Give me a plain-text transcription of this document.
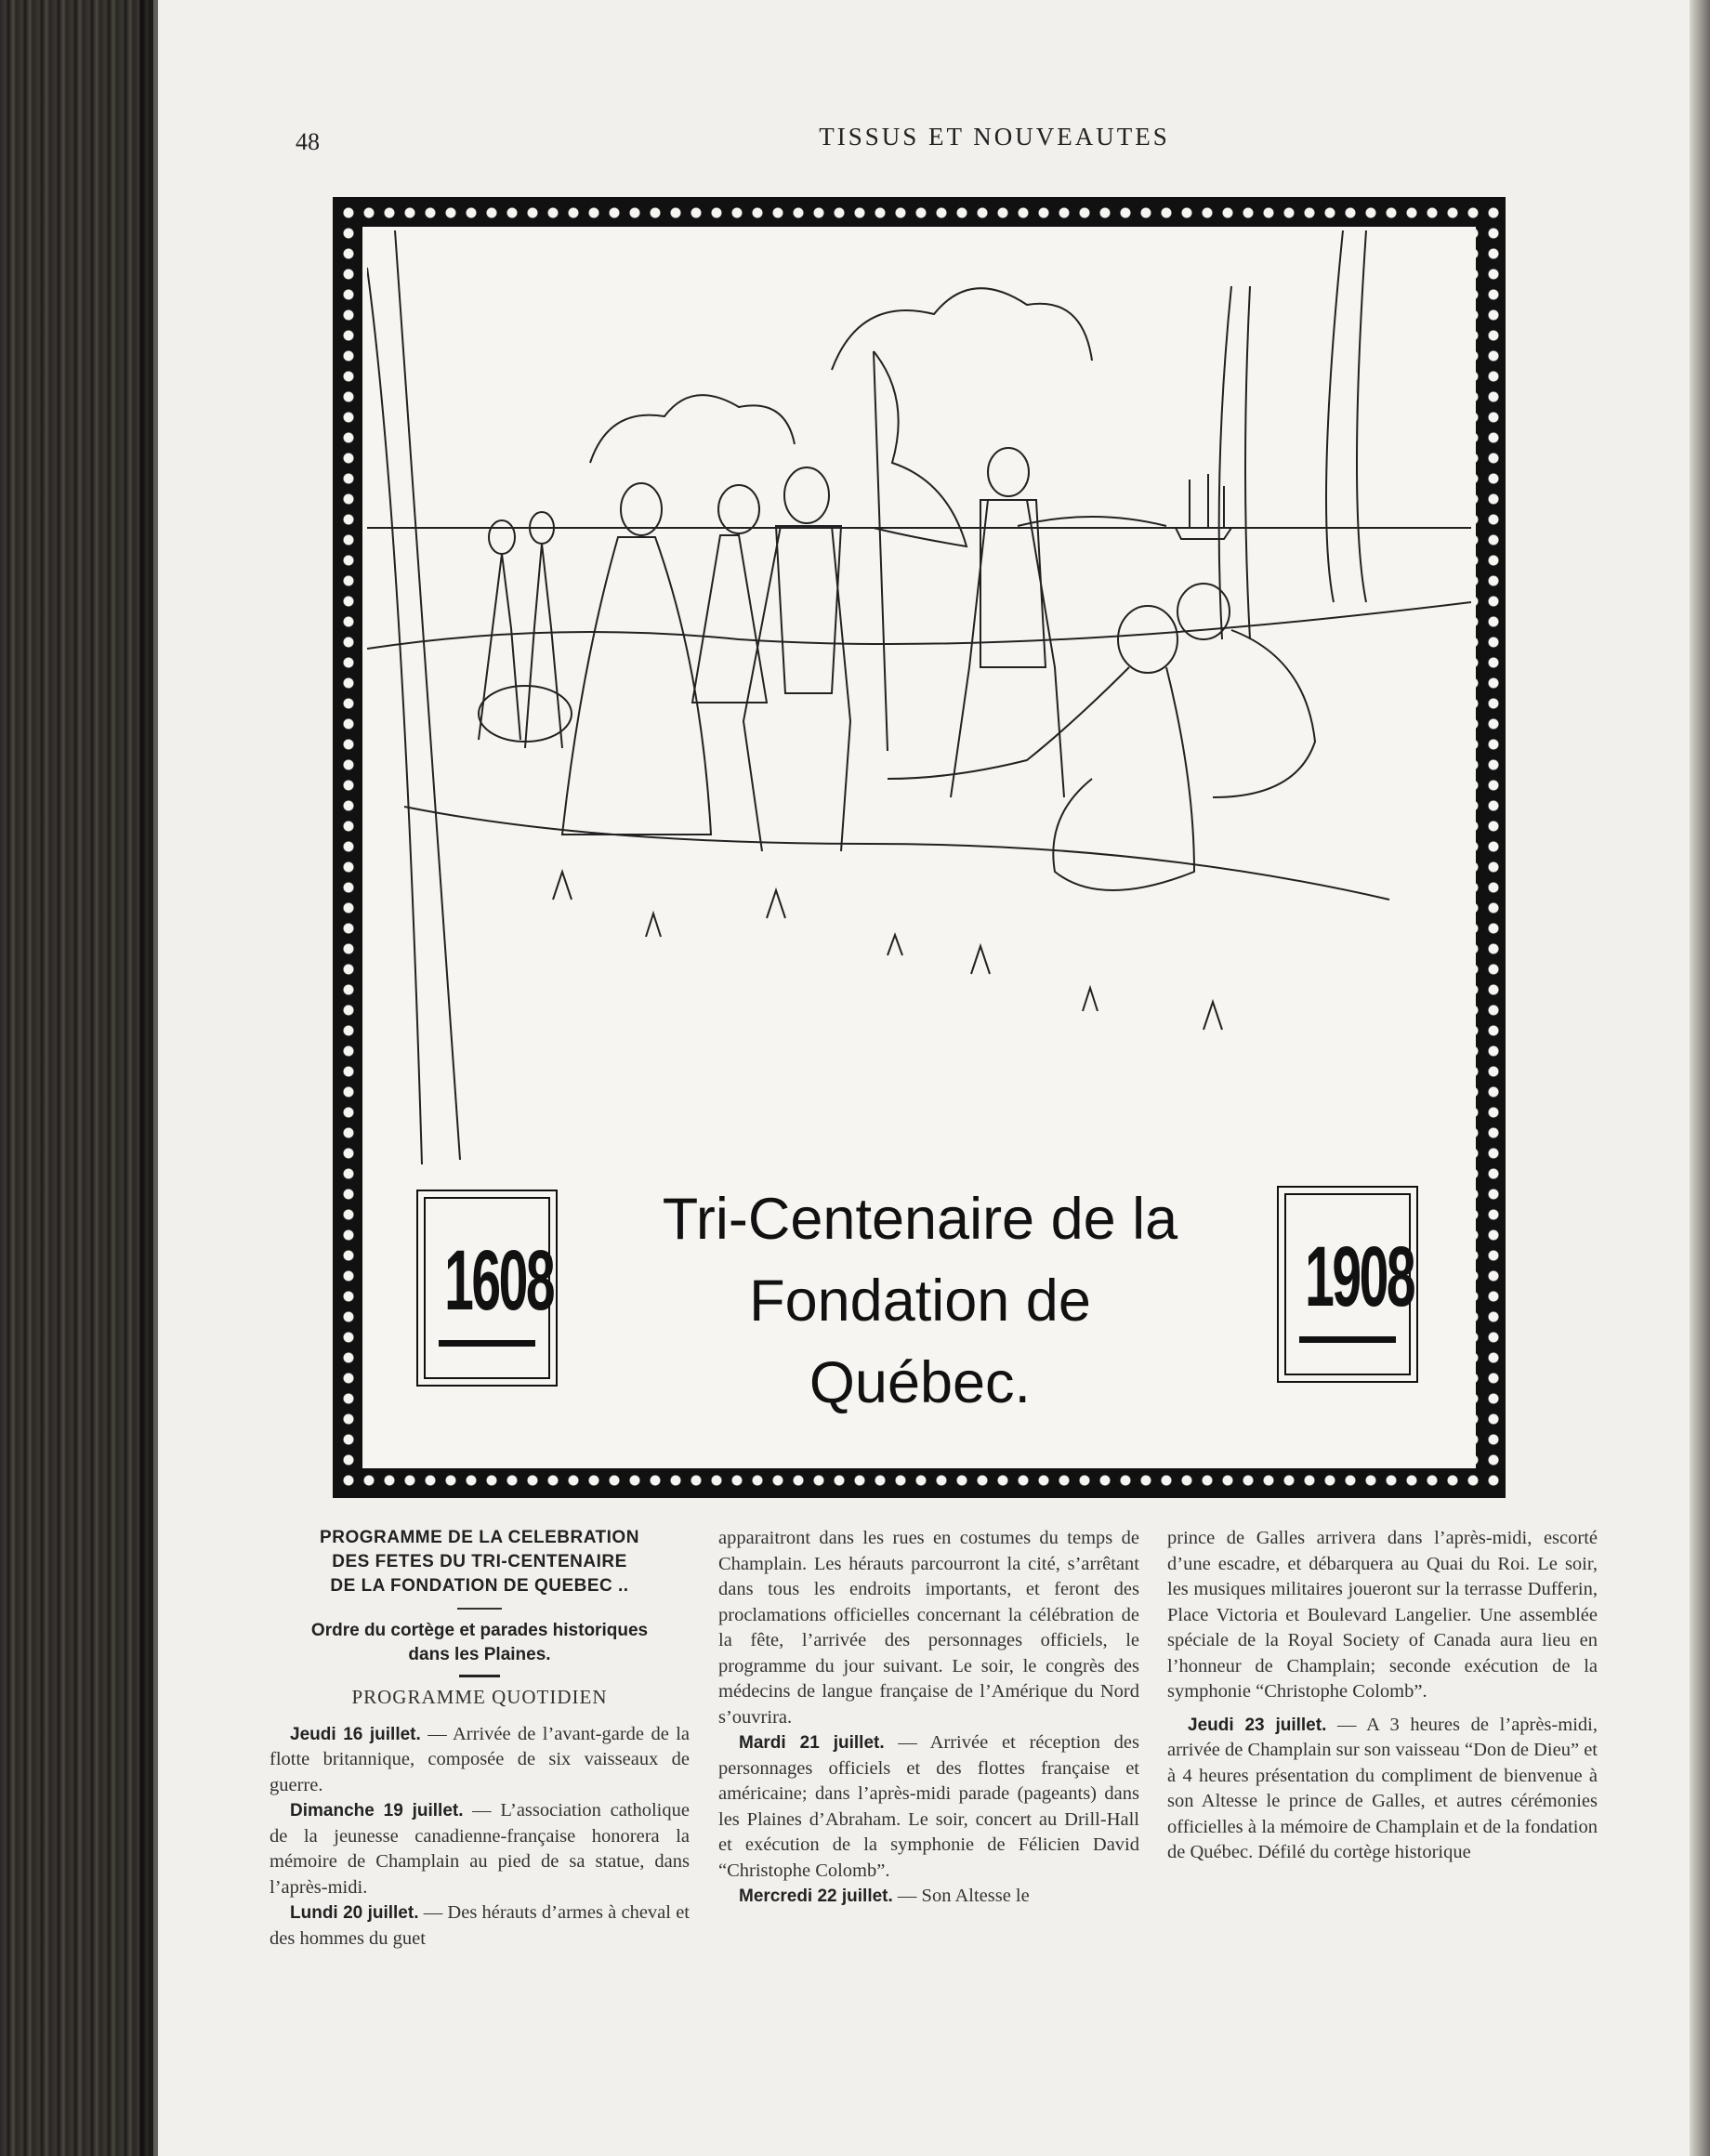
48	TISSUS ET NOUVEAUTES
1608	1908
Tri-Centenaire de la
Fondation de
Québec.
PROGRAMME DE LA CELEBRATION
DES FETES DU TRI-CENTENAIRE
DE LA FONDATION DE QUEBEC ..
Ordre du cortège et parades historiques
dans les Plaines.
PROGRAMME QUOTIDIEN

Jeudi 16 juillet. — Arrivée de l’avant-garde de la flotte britannique, composée de six vaisseaux de guerre.

Dimanche 19 juillet. — L’association catholique de la jeunesse canadienne-française honorera la mémoire de Champlain au pied de sa statue, dans l’après-midi.

Lundi 20 juillet. — Des hérauts d’armes à cheval et des hommes du guet

apparaitront dans les rues en costumes du temps de Champlain. Les hérauts parcourront la cité, s’arrêtant dans tous les endroits importants, et feront des proclamations officielles concernant la célébration de la fête, l’arrivée des personnages officiels, le programme du jour suivant. Le soir, le congrès des médecins de langue française de l’Amérique du Nord s’ouvrira.

Mardi 21 juillet. — Arrivée et réception des personnages officiels et des flottes française et américaine; dans l’après-midi parade (pageants) dans les Plaines d’Abraham. Le soir, concert au Drill-Hall et exécution de la symphonie de Félicien David “Christophe Colomb”.

Mercredi 22 juillet. — Son Altesse le

prince de Galles arrivera dans l’après-midi, escorté d’une escadre, et débarquera au Quai du Roi. Le soir, les musiques militaires joueront sur la terrasse Dufferin, Place Victoria et Boulevard Langelier. Une assemblée spéciale de la Royal Society of Canada aura lieu en l’honneur de Champlain; seconde exécution de la symphonie “Christophe Colomb”.

Jeudi 23 juillet. — A 3 heures de l’après-midi, arrivée de Champlain sur son vaisseau “Don de Dieu” et à 4 heures présentation du compliment de bienvenue à son Altesse le prince de Galles, et autres cérémonies officielles à la mémoire de Champlain et de la fondation de Québec. Défilé du cortège historique
